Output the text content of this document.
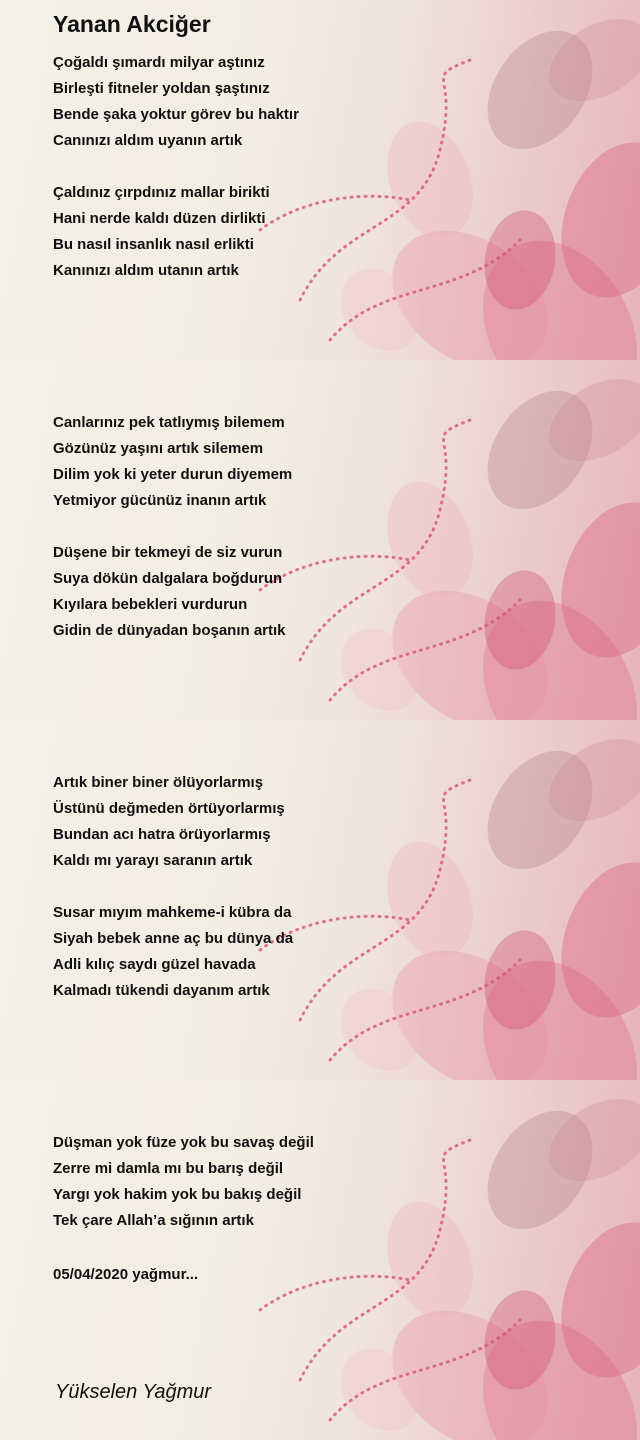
Yanan Akciğer
Çoğaldı şımardı milyar aştınız
Birleşti fitneler yoldan şaştınız
Bende şaka yoktur görev bu haktır
Canınızı aldım uyanın artık
Çaldınız çırpdınız mallar birikti
Hani nerde kaldı düzen dirlikti
Bu nasıl insanlık nasıl erlikti
Kanınızı aldım utanın artık
Canlarınız pek tatlıymış bilemem
Gözünüz yaşını artık silemem
Dilim yok ki yeter durun diyemem
Yetmiyor gücünüz inanın artık
Düşene bir tekmeyi de siz vurun
Suya dökün dalgalara boğdurun
Kıyılara bebekleri vurdurun
Gidin de dünyadan boşanın artık
Artık biner biner ölüyorlarmış
Üstünü değmeden örtüyorlarmış
Bundan acı hatra örüyorlarmış
Kaldı mı yarayı saranın artık
Susar mıyım mahkeme-i kübra da
Siyah bebek anne aç bu dünya da
Adli kılıç saydı güzel havada
Kalmadı tükendi dayanım artık
Düşman yok füze yok bu savaş değil
Zerre mi damla mı bu barış değil
Yargı yok hakim yok bu bakış değil
Tek çare Allah’a sığının artık
05/04/2020 yağmur...
Yükselen Yağmur
